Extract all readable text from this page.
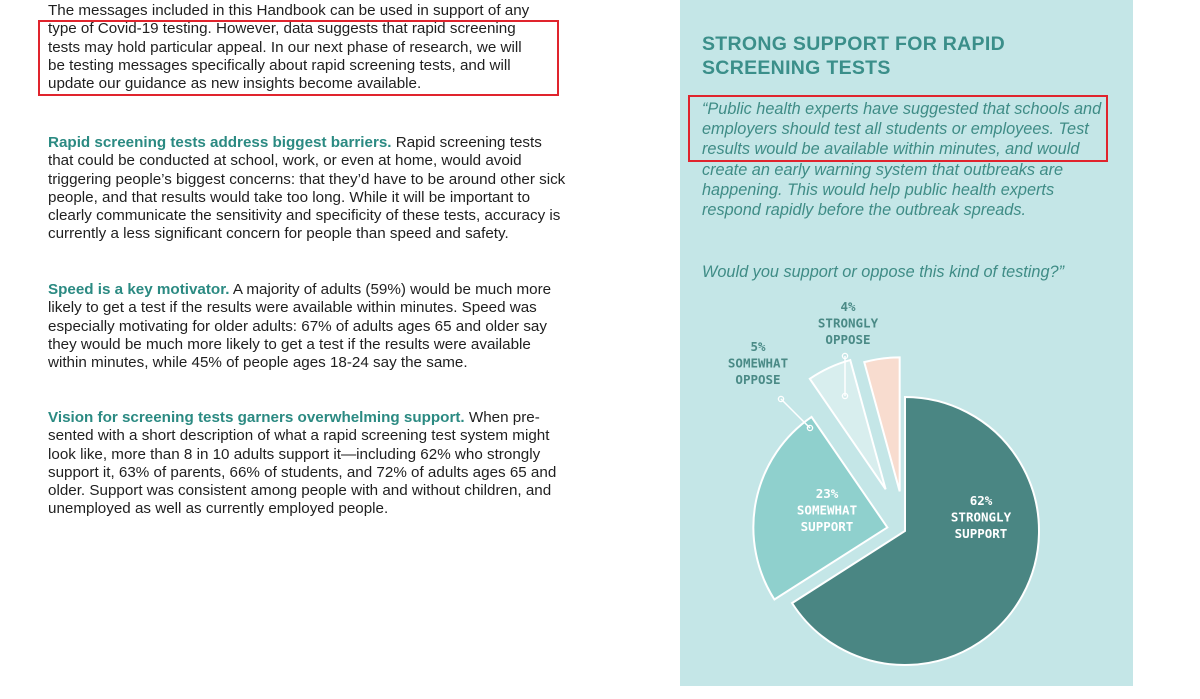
The messages included in this Handbook can be used in support of any
type of Covid-19 testing. However, data suggests that rapid screening
tests may hold particular appeal. In our next phase of research, we will
be testing messages specifically about rapid screening tests, and will
update our guidance as new insights become available.

Rapid screening tests address biggest barriers. Rapid screening tests that could be conducted at school, work, or even at home, would avoid triggering people’s biggest concerns: that they’d have to be around other sick people, and that results would take too long. While it will be important to clearly communicate the sensitivity and specificity of these tests, accuracy is currently a less significant concern for people than speed and safety.

Speed is a key motivator. A majority of adults (59%) would be much more likely to get a test if the results were available within minutes. Speed was especially motivating for older adults: 67% of adults ages 65 and older say they would be much more likely to get a test if the results were available within minutes, while 45% of people ages 18-24 say the same.

Vision for screening tests garners overwhelming support. When pre-sented with a short description of what a rapid screening test system might look like, more than 8 in 10 adults support it—including 62% who strongly support it, 63% of parents, 66% of students, and 72% of adults ages 65 and older. Support was consistent among people with and without children, and unemployed as well as currently employed people.

STRONG SUPPORT FOR RAPID
SCREENING TESTS

“Public health experts have suggested that schools and employers should test all students or employees. Test results would be available within minutes, and would create an early warning system that outbreaks are happening. This would help public health experts respond rapidly before the outbreak spreads.

Would you support or oppose this kind of testing?”

62%
STRONGLY
SUPPORT
23%
SOMEWHAT
SUPPORT
5%
SOMEWHAT
OPPOSE
4%
STRONGLY
OPPOSE
